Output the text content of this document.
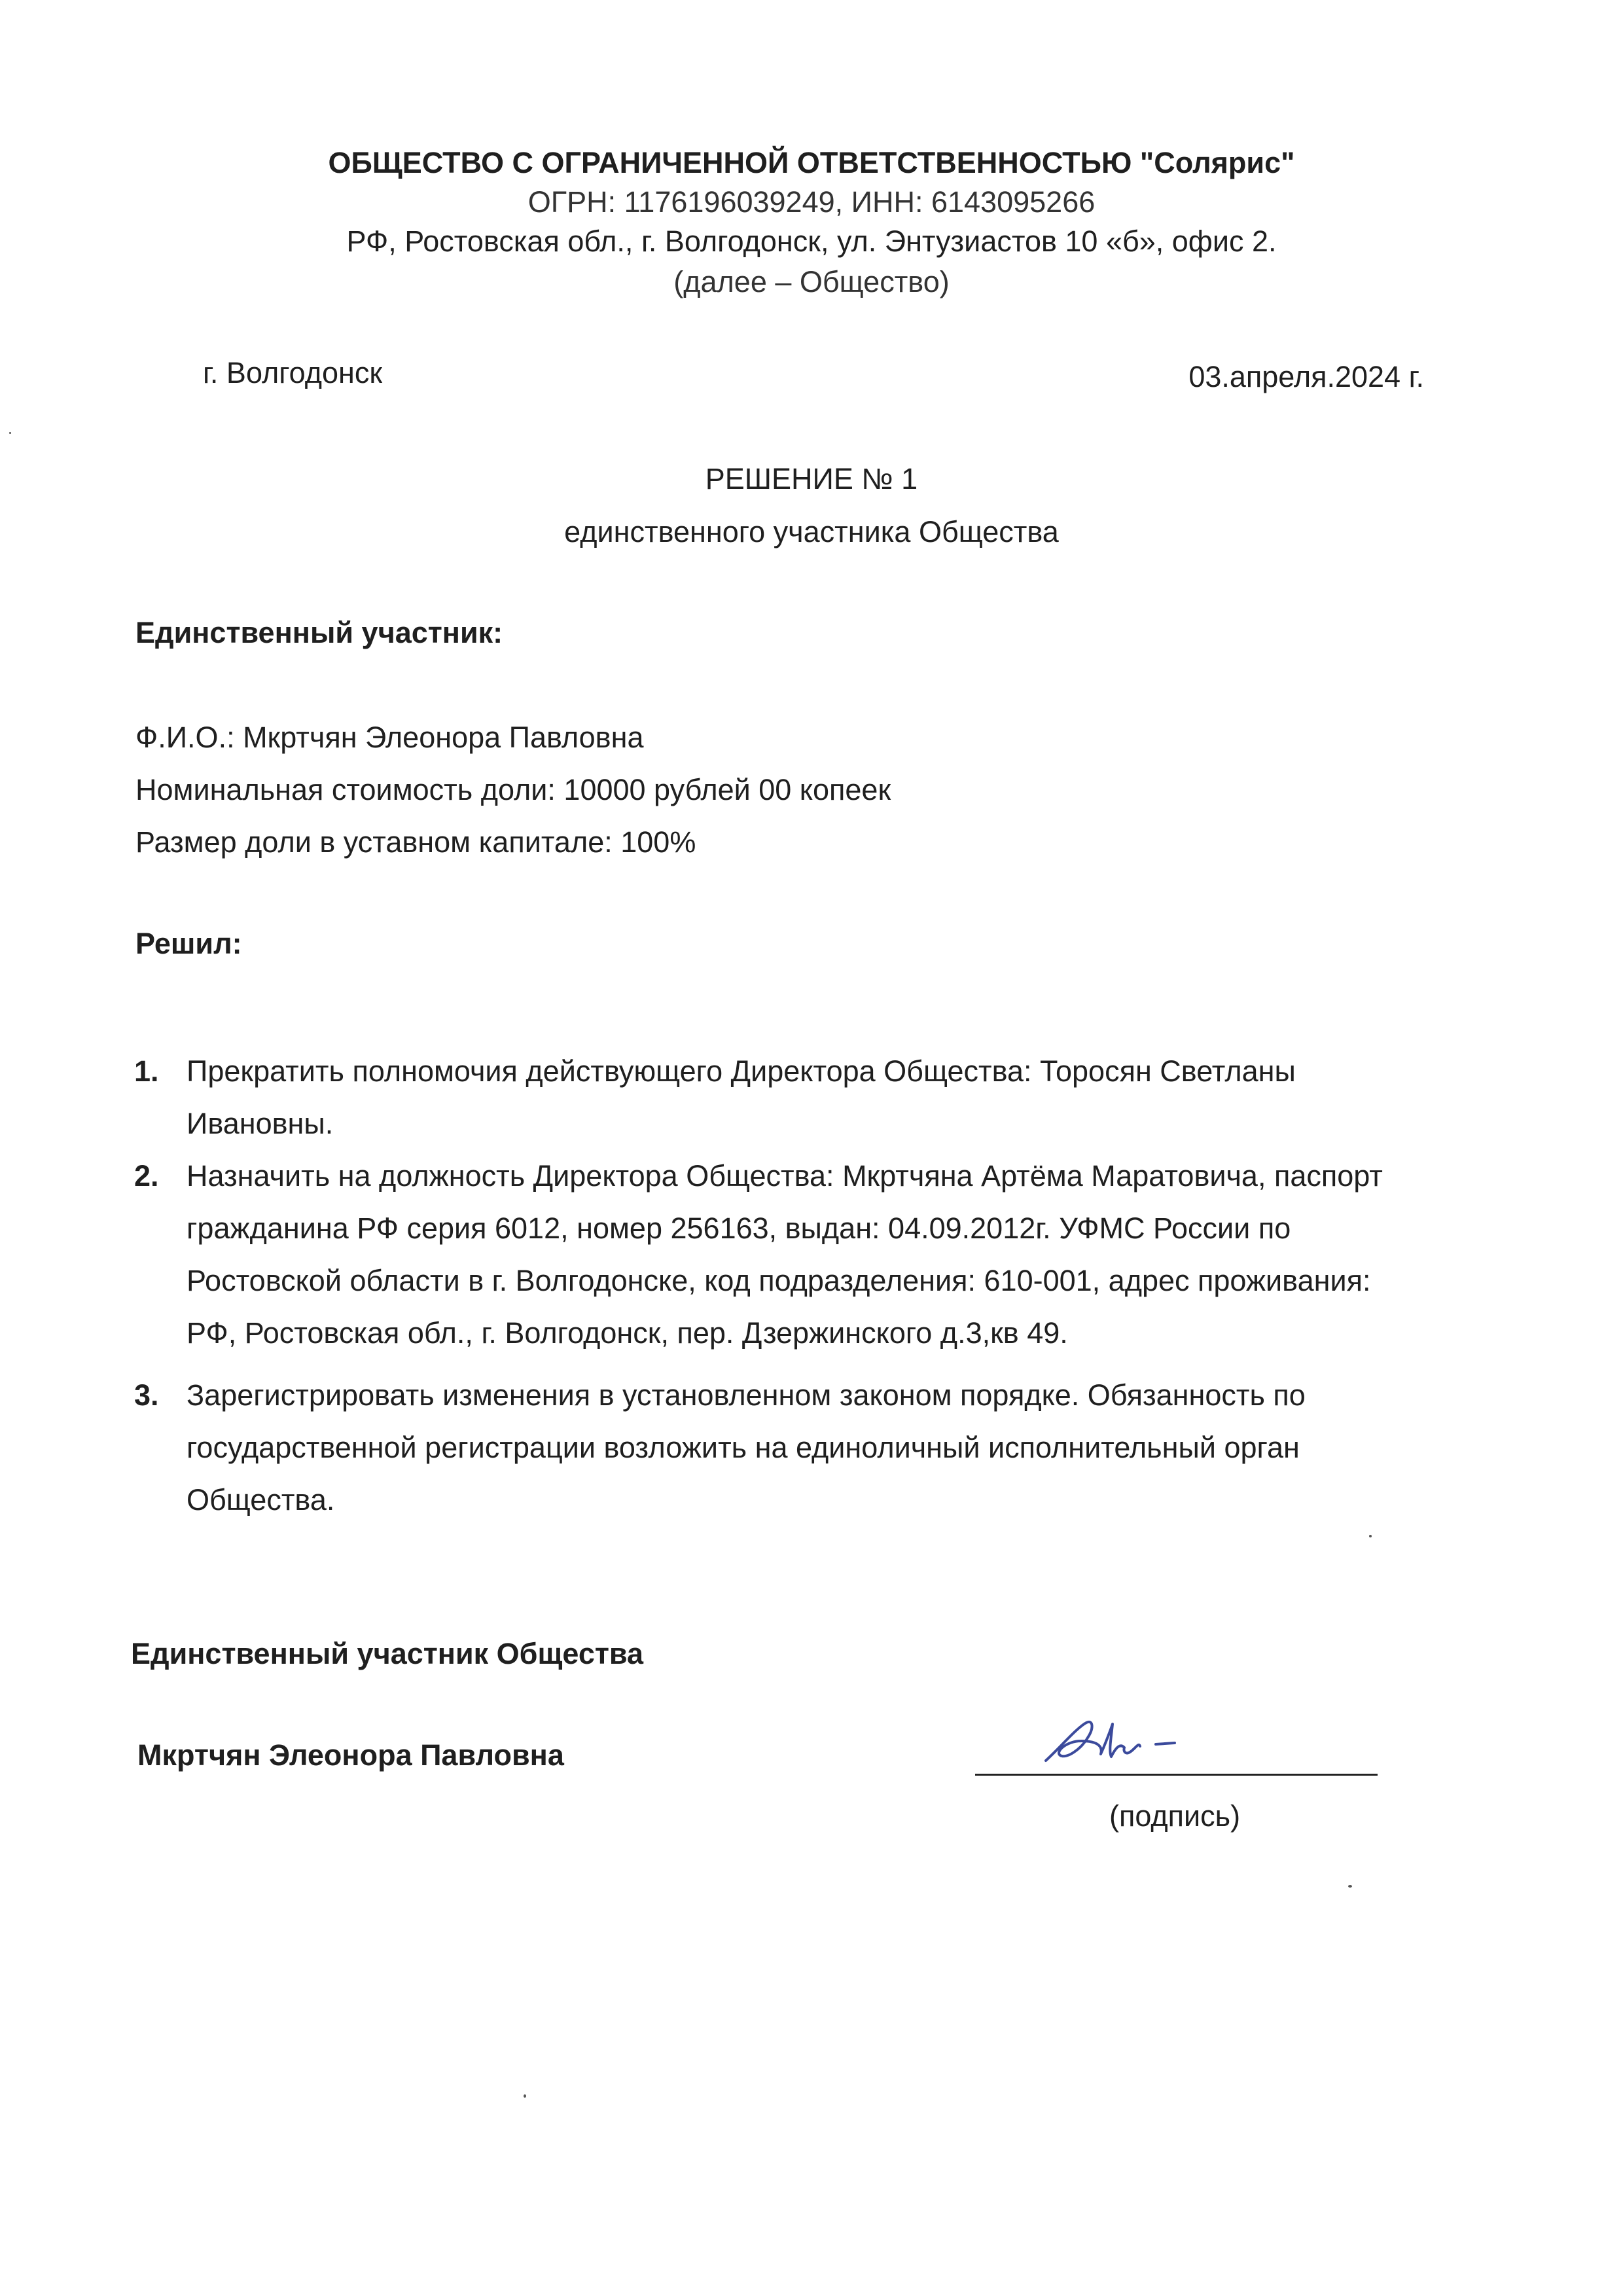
ОБЩЕСТВО С ОГРАНИЧЕННОЙ ОТВЕТСТВЕННОСТЬЮ "Солярис"
ОГРН: 1176196039249, ИНН: 6143095266
РФ, Ростовская обл., г. Волгодонск, ул. Энтузиастов 10 «б», офис 2.
(далее – Общество)
г. Волгодонск	03.апреля.2024 г.
РЕШЕНИЕ № 1
единственного участника Общества
Единственный участник:
Ф.И.О.: Мкртчян Элеонора Павловна
Номинальная стоимость доли: 10000 рублей 00 копеек
Размер доли в уставном капитале: 100%
Решил:
1. Прекратить полномочия действующего Директора Общества: Торосян Светланы
Ивановны.
2. Назначить на должность Директора Общества: Мкртчяна Артёма Маратовича, паспорт
гражданина РФ серия 6012, номер 256163, выдан: 04.09.2012г. УФМС России по
Ростовской области в г. Волгодонске, код подразделения: 610-001, адрес проживания:
РФ, Ростовская обл., г. Волгодонск, пер. Дзержинского д.3,кв 49.
3. Зарегистрировать изменения в установленном законом порядке. Обязанность по
государственной регистрации возложить на единоличный исполнительный орган
Общества.
Единственный участник Общества
Мкртчян Элеонора Павловна
(подпись)
